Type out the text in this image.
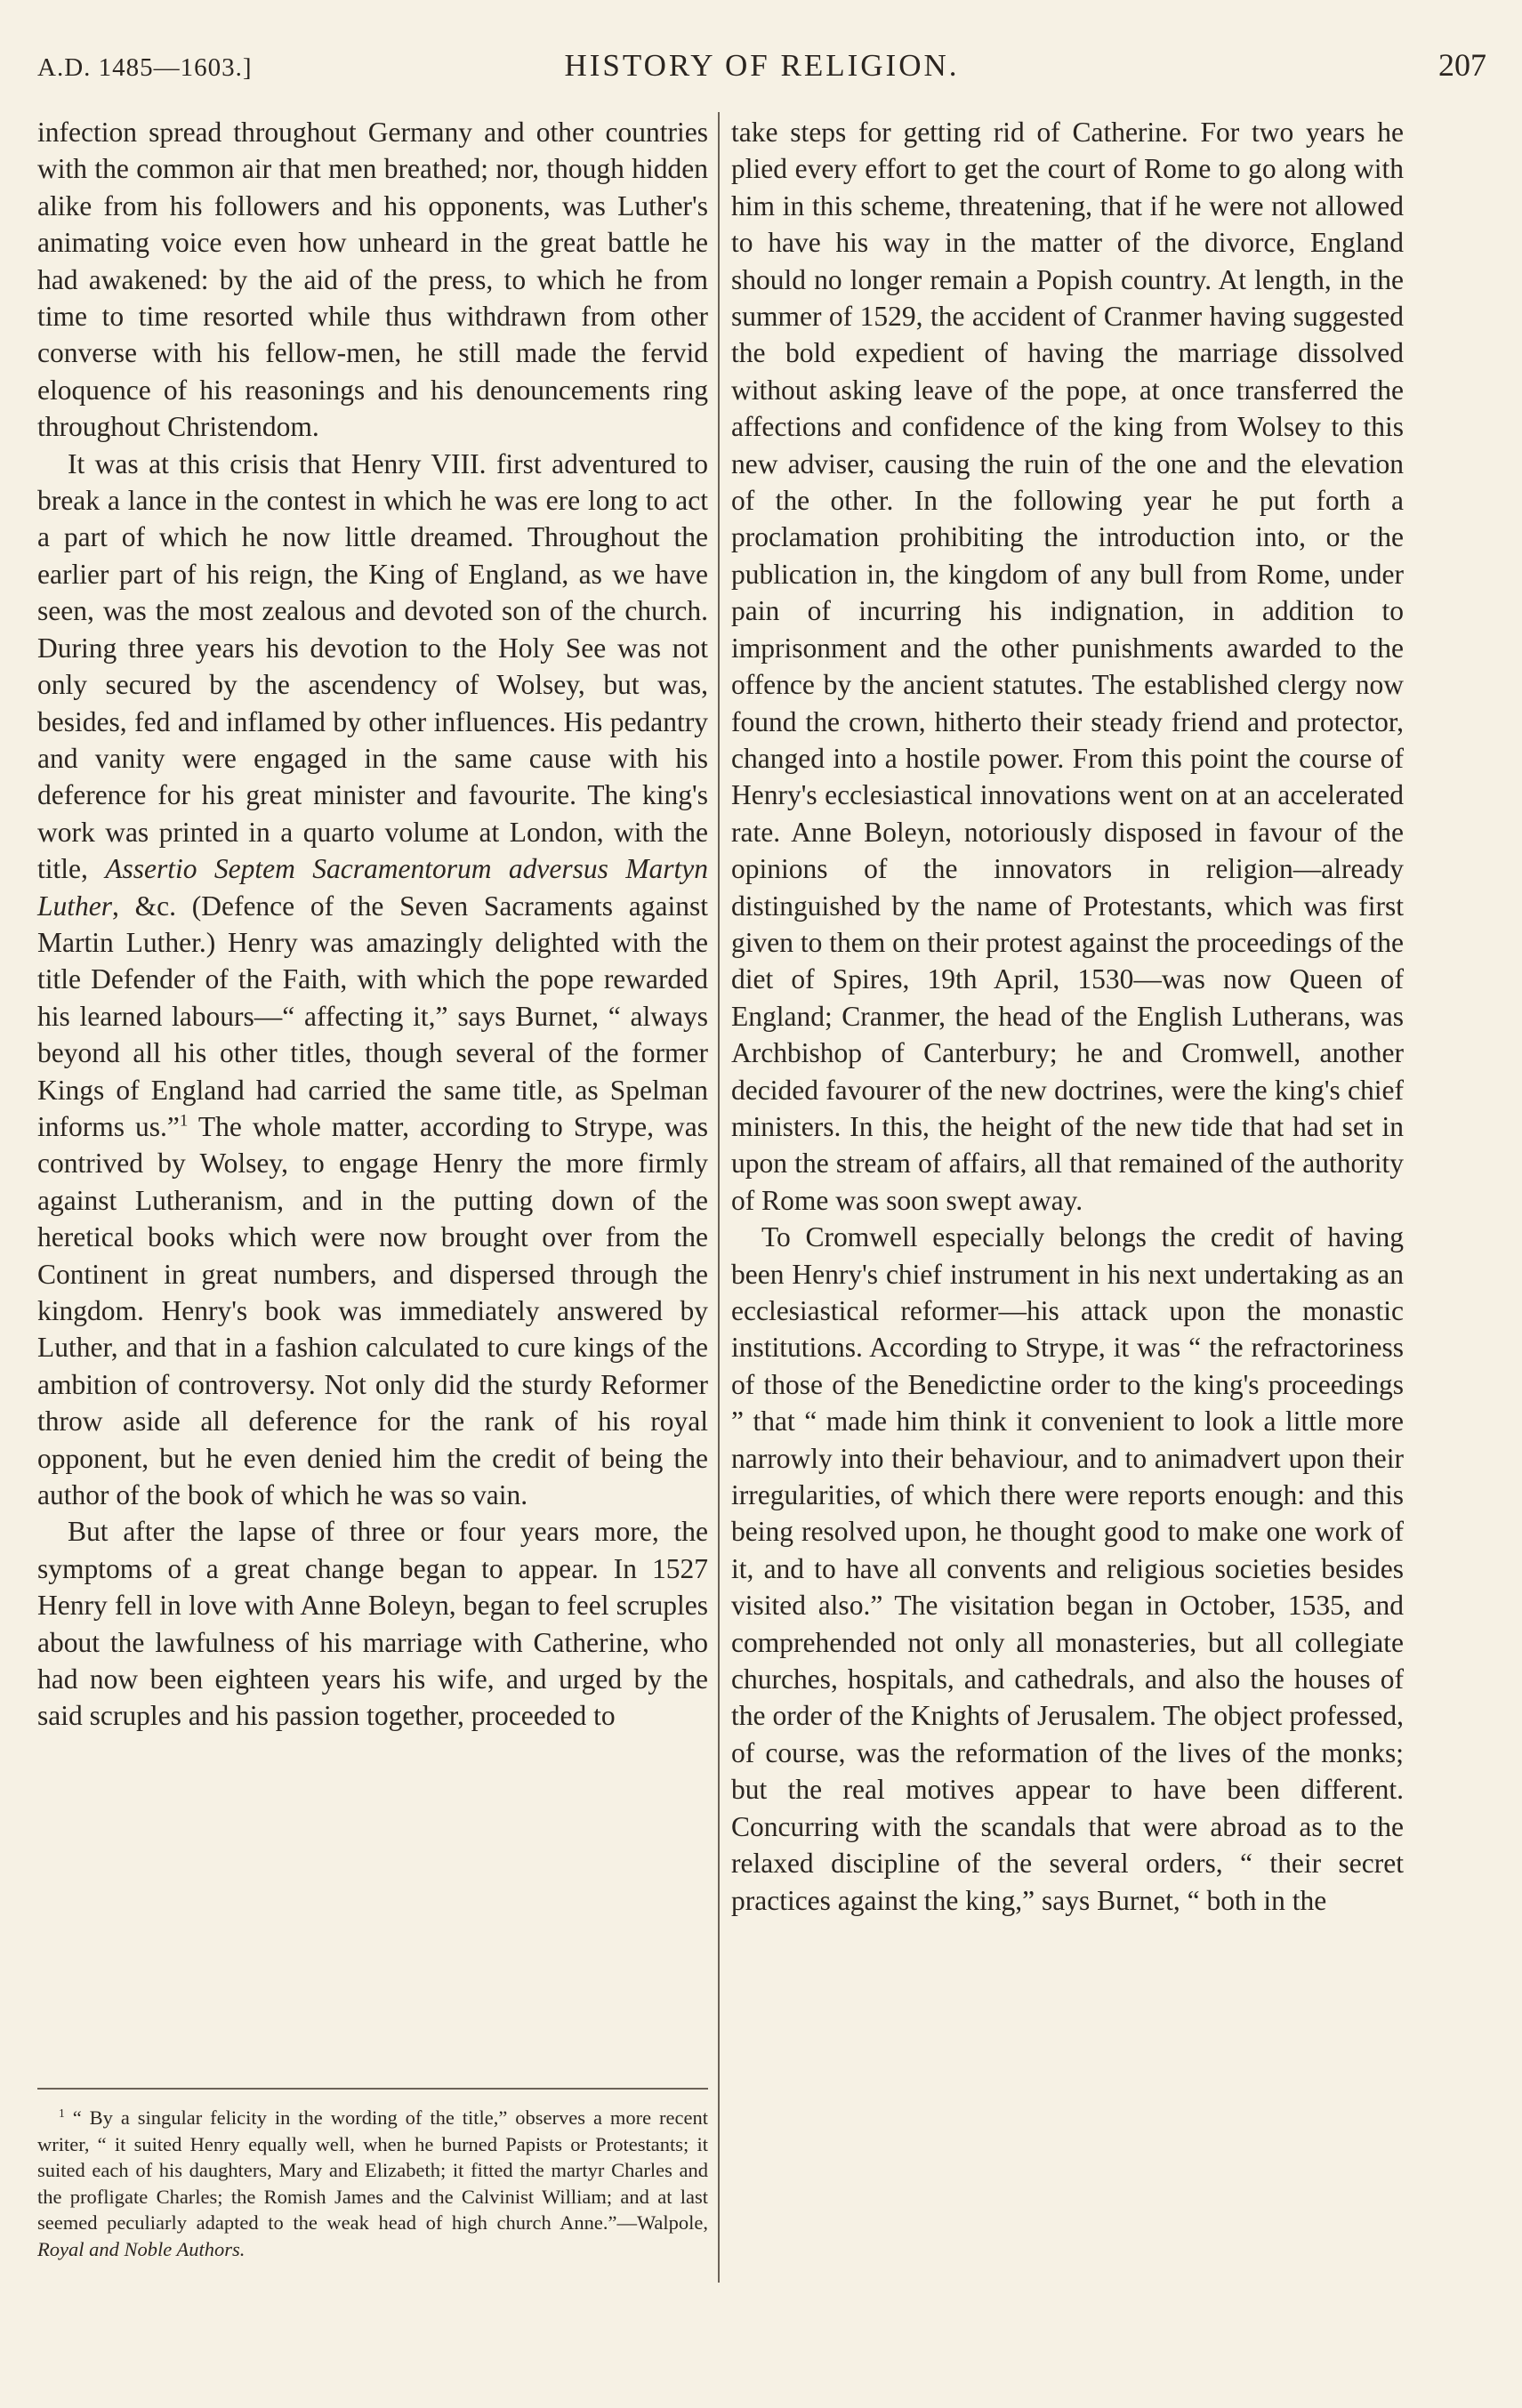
A.D. 1485—1603.]	HISTORY OF RELIGION.	207

infection spread throughout Germany and other countries with the common air that men breathed; nor, though hidden alike from his followers and his opponents, was Luther's animating voice even how unheard in the great battle he had awakened: by the aid of the press, to which he from time to time resorted while thus withdrawn from other converse with his fellow-men, he still made the fervid eloquence of his reasonings and his denouncements ring throughout Christendom.

It was at this crisis that Henry VIII. first adventured to break a lance in the contest in which he was ere long to act a part of which he now little dreamed. Throughout the earlier part of his reign, the King of England, as we have seen, was the most zealous and devoted son of the church. During three years his devotion to the Holy See was not only secured by the ascendency of Wolsey, but was, besides, fed and inflamed by other influences. His pedantry and vanity were engaged in the same cause with his deference for his great minister and favourite. The king's work was printed in a quarto volume at London, with the title, Assertio Septem Sacramentorum adversus Martyn Luther, &c. (Defence of the Seven Sacraments against Martin Luther.) Henry was amazingly delighted with the title Defender of the Faith, with which the pope rewarded his learned labours—“ affecting it,” says Burnet, “ always beyond all his other titles, though several of the former Kings of England had carried the same title, as Spelman informs us.”$^1$ The whole matter, according to Strype, was contrived by Wolsey, to engage Henry the more firmly against Lutheranism, and in the putting down of the heretical books which were now brought over from the Continent in great numbers, and dispersed through the kingdom. Henry's book was immediately answered by Luther, and that in a fashion calculated to cure kings of the ambition of controversy. Not only did the sturdy Reformer throw aside all deference for the rank of his royal opponent, but he even denied him the credit of being the author of the book of which he was so vain.

But after the lapse of three or four years more, the symptoms of a great change began to appear. In 1527 Henry fell in love with Anne Boleyn, began to feel scruples about the lawfulness of his marriage with Catherine, who had now been eighteen years his wife, and urged by the said scruples and his passion together, proceeded to

$^1$ “ By a singular felicity in the wording of the title,” observes a more recent writer, “ it suited Henry equally well, when he burned Papists or Protestants; it suited each of his daughters, Mary and Elizabeth; it fitted the martyr Charles and the profligate Charles; the Romish James and the Calvinist William; and at last seemed peculiarly adapted to the weak head of high church Anne.”—Walpole, Royal and Noble Authors.

take steps for getting rid of Catherine. For two years he plied every effort to get the court of Rome to go along with him in this scheme, threatening, that if he were not allowed to have his way in the matter of the divorce, England should no longer remain a Popish country. At length, in the summer of 1529, the accident of Cranmer having suggested the bold expedient of having the marriage dissolved without asking leave of the pope, at once transferred the affections and confidence of the king from Wolsey to this new adviser, causing the ruin of the one and the elevation of the other. In the following year he put forth a proclamation prohibiting the introduction into, or the publication in, the kingdom of any bull from Rome, under pain of incurring his indignation, in addition to imprisonment and the other punishments awarded to the offence by the ancient statutes. The established clergy now found the crown, hitherto their steady friend and protector, changed into a hostile power. From this point the course of Henry's ecclesiastical innovations went on at an accelerated rate. Anne Boleyn, notoriously disposed in favour of the opinions of the innovators in religion—already distinguished by the name of Protestants, which was first given to them on their protest against the proceedings of the diet of Spires, 19th April, 1530—was now Queen of England; Cranmer, the head of the English Lutherans, was Archbishop of Canterbury; he and Cromwell, another decided favourer of the new doctrines, were the king's chief ministers. In this, the height of the new tide that had set in upon the stream of affairs, all that remained of the authority of Rome was soon swept away.

To Cromwell especially belongs the credit of having been Henry's chief instrument in his next undertaking as an ecclesiastical reformer—his attack upon the monastic institutions. According to Strype, it was “ the refractoriness of those of the Benedictine order to the king's proceedings ” that “ made him think it convenient to look a little more narrowly into their behaviour, and to animadvert upon their irregularities, of which there were reports enough: and this being resolved upon, he thought good to make one work of it, and to have all convents and religious societies besides visited also.” The visitation began in October, 1535, and comprehended not only all monasteries, but all collegiate churches, hospitals, and cathedrals, and also the houses of the order of the Knights of Jerusalem. The object professed, of course, was the reformation of the lives of the monks; but the real motives appear to have been different. Concurring with the scandals that were abroad as to the relaxed discipline of the several orders, “ their secret practices against the king,” says Burnet, “ both in the
